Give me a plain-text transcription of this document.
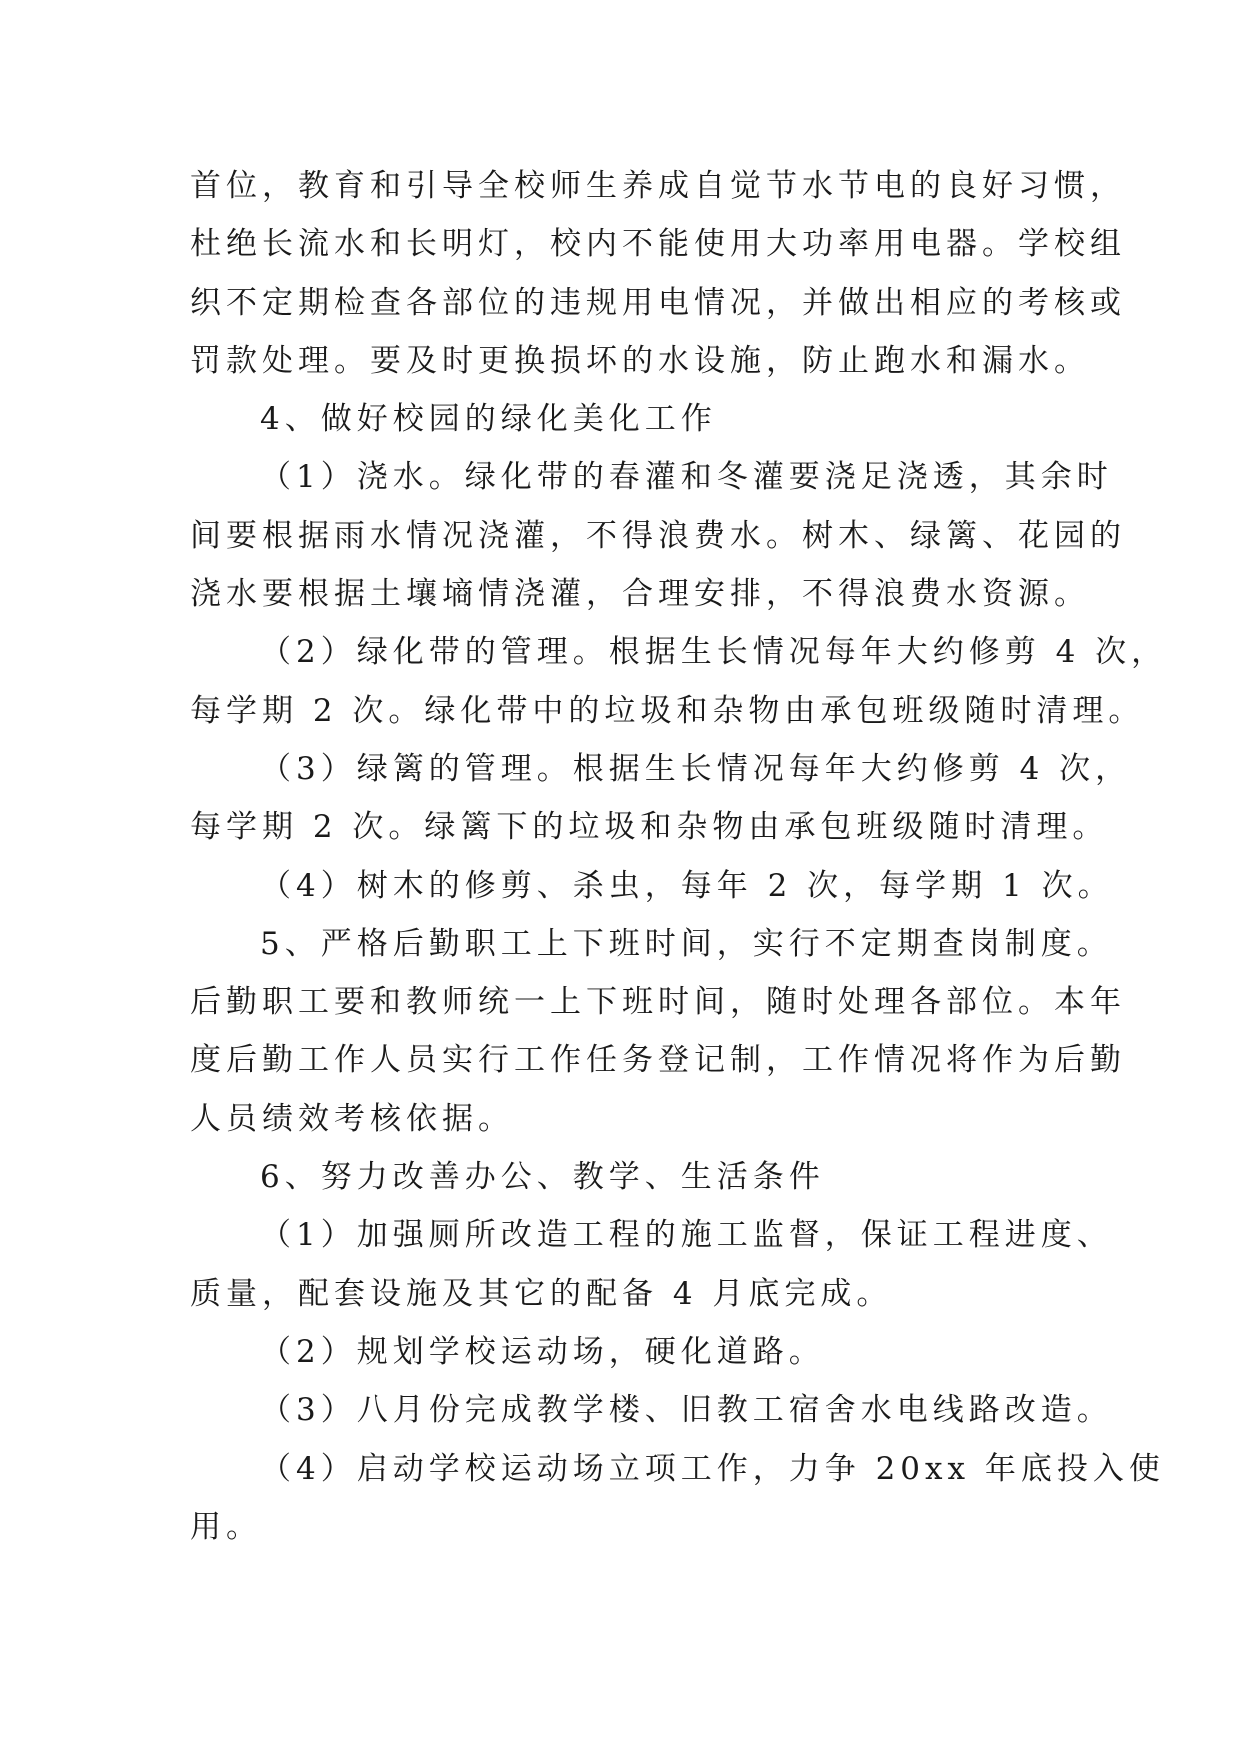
首位，教育和引导全校师生养成自觉节水节电的良好习惯，
杜绝长流水和长明灯，校内不能使用大功率用电器。学校组
织不定期检查各部位的违规用电情况，并做出相应的考核或
罚款处理。要及时更换损坏的水设施，防止跑水和漏水。
4、做好校园的绿化美化工作
（1）浇水。绿化带的春灌和冬灌要浇足浇透，其余时
间要根据雨水情况浇灌，不得浪费水。树木、绿篱、花园的
浇水要根据土壤墒情浇灌，合理安排，不得浪费水资源。
（2）绿化带的管理。根据生长情况每年大约修剪 4 次，
每学期 2 次。绿化带中的垃圾和杂物由承包班级随时清理。
（3）绿篱的管理。根据生长情况每年大约修剪 4 次，
每学期 2 次。绿篱下的垃圾和杂物由承包班级随时清理。
（4）树木的修剪、杀虫，每年 2 次，每学期 1 次。
5、严格后勤职工上下班时间，实行不定期查岗制度。
后勤职工要和教师统一上下班时间，随时处理各部位。本年
度后勤工作人员实行工作任务登记制，工作情况将作为后勤
人员绩效考核依据。
6、努力改善办公、教学、生活条件
（1）加强厕所改造工程的施工监督，保证工程进度、
质量，配套设施及其它的配备 4 月底完成。
（2）规划学校运动场，硬化道路。
（3）八月份完成教学楼、旧教工宿舍水电线路改造。
（4）启动学校运动场立项工作，力争 20xx 年底投入使
用。
